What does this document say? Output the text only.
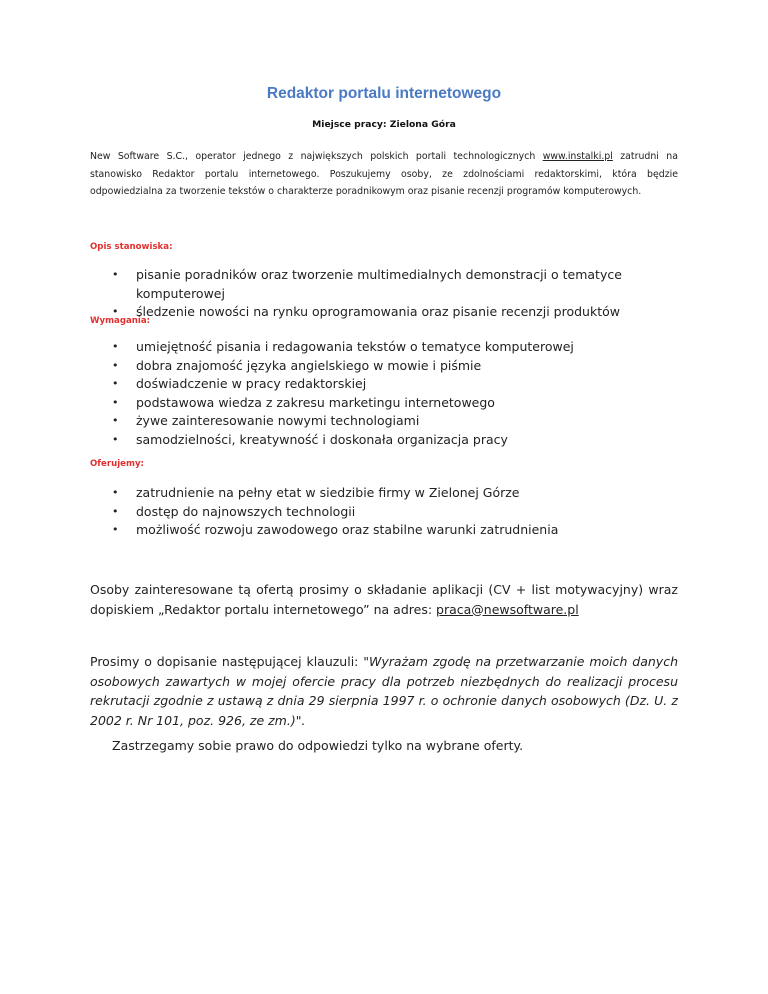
Redaktor portalu internetowego
Miejsce pracy: Zielona Góra
New Software S.C., operator jednego z największych polskich portali technologicznych www.instalki.pl zatrudni na stanowisko Redaktor portalu internetowego. Poszukujemy osoby, ze zdolnościami redaktorskimi, która będzie odpowiedzialna za tworzenie tekstów o charakterze poradnikowym oraz pisanie recenzji programów komputerowych.
Opis stanowiska:
• pisanie poradników oraz tworzenie multimedialnych demonstracji o tematyce komputerowej
• śledzenie nowości na rynku oprogramowania oraz pisanie recenzji produktów
Wymagania:
• umiejętność pisania i redagowania tekstów o tematyce komputerowej
• dobra znajomość języka angielskiego w mowie i piśmie
• doświadczenie w pracy redaktorskiej
• podstawowa wiedza z zakresu marketingu internetowego
• żywe zainteresowanie nowymi technologiami
• samodzielności, kreatywność i doskonała organizacja pracy
Oferujemy:
• zatrudnienie na pełny etat w siedzibie firmy w Zielonej Górze
• dostęp do najnowszych technologii
• możliwość rozwoju zawodowego oraz stabilne warunki zatrudnienia
Osoby zainteresowane tą ofertą prosimy o składanie aplikacji (CV + list motywacyjny) wraz dopiskiem „Redaktor portalu internetowego” na adres: praca@newsoftware.pl
Prosimy o dopisanie następującej klauzuli: "Wyrażam zgodę na przetwarzanie moich danych osobowych zawartych w mojej ofercie pracy dla potrzeb niezbędnych do realizacji procesu rekrutacji zgodnie z ustawą z dnia 29 sierpnia 1997 r. o ochronie danych osobowych (Dz. U. z 2002 r. Nr 101, poz. 926, ze zm.)".
Zastrzegamy sobie prawo do odpowiedzi tylko na wybrane oferty.
